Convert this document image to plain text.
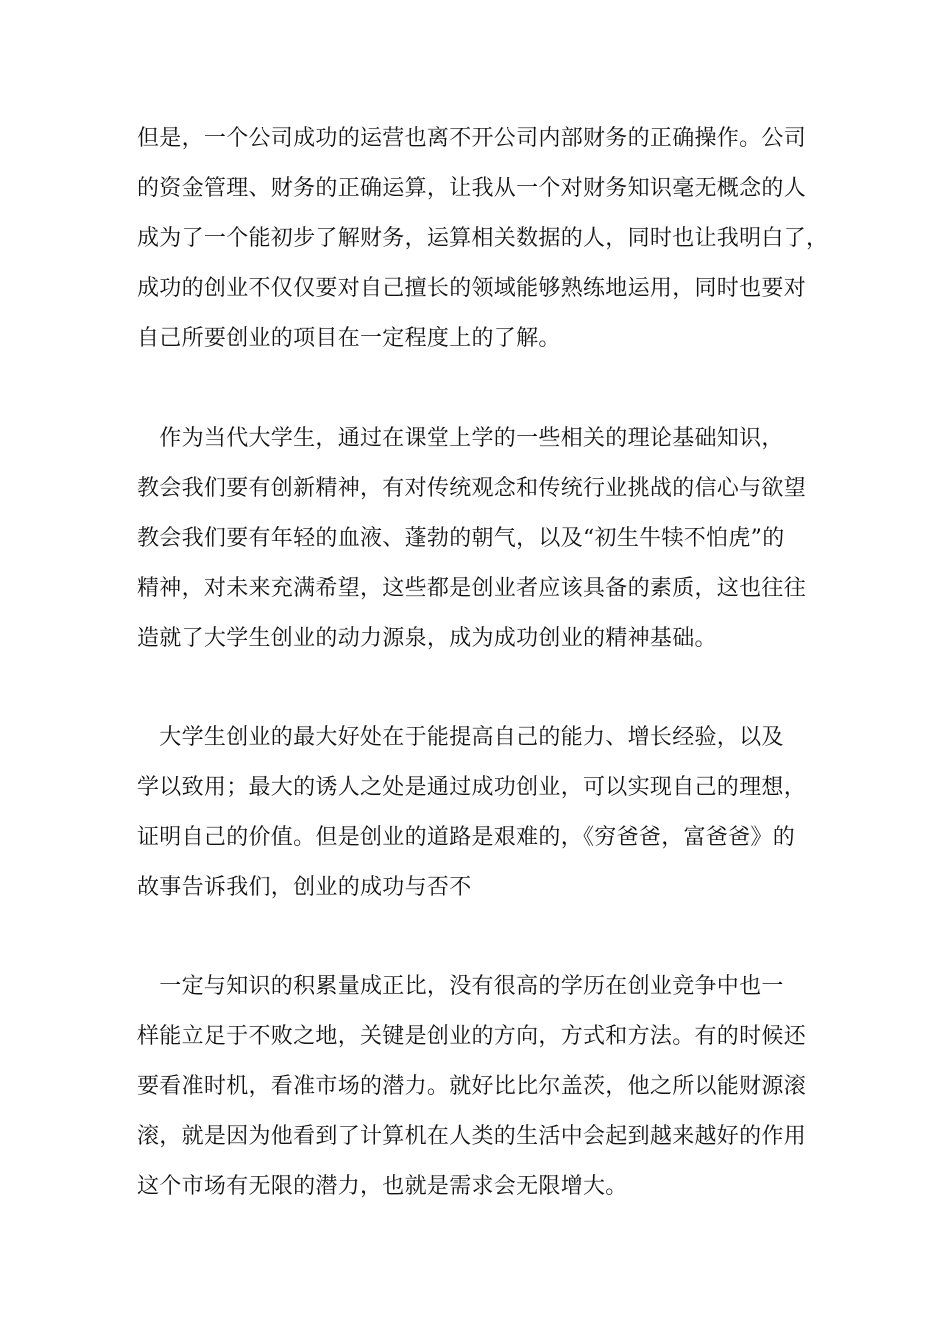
但是，一个公司成功的运营也离不开公司内部财务的正确操作。公司
的资金管理、财务的正确运算，让我从一个对财务知识毫无概念的人
成为了一个能初步了解财务，运算相关数据的人，同时也让我明白了，
成功的创业不仅仅要对自己擅长的领域能够熟练地运用，同时也要对
自己所要创业的项目在一定程度上的了解。
　作为当代大学生，通过在课堂上学的一些相关的理论基础知识，
教会我们要有创新精神，有对传统观念和传统行业挑战的信心与欲望
教会我们要有年轻的血液、蓬勃的朝气，以及“初生牛犊不怕虎”的
精神，对未来充满希望，这些都是创业者应该具备的素质，这也往往
造就了大学生创业的动力源泉，成为成功创业的精神基础。
　大学生创业的最大好处在于能提高自己的能力、增长经验，以及
学以致用；最大的诱人之处是通过成功创业，可以实现自己的理想，
证明自己的价值。但是创业的道路是艰难的，《穷爸爸，富爸爸》的
故事告诉我们，创业的成功与否不
　一定与知识的积累量成正比，没有很高的学历在创业竞争中也一
样能立足于不败之地，关键是创业的方向，方式和方法。有的时候还
要看准时机，看准市场的潜力。就好比比尔盖茨，他之所以能财源滚
滚，就是因为他看到了计算机在人类的生活中会起到越来越好的作用
这个市场有无限的潜力，也就是需求会无限增大。
